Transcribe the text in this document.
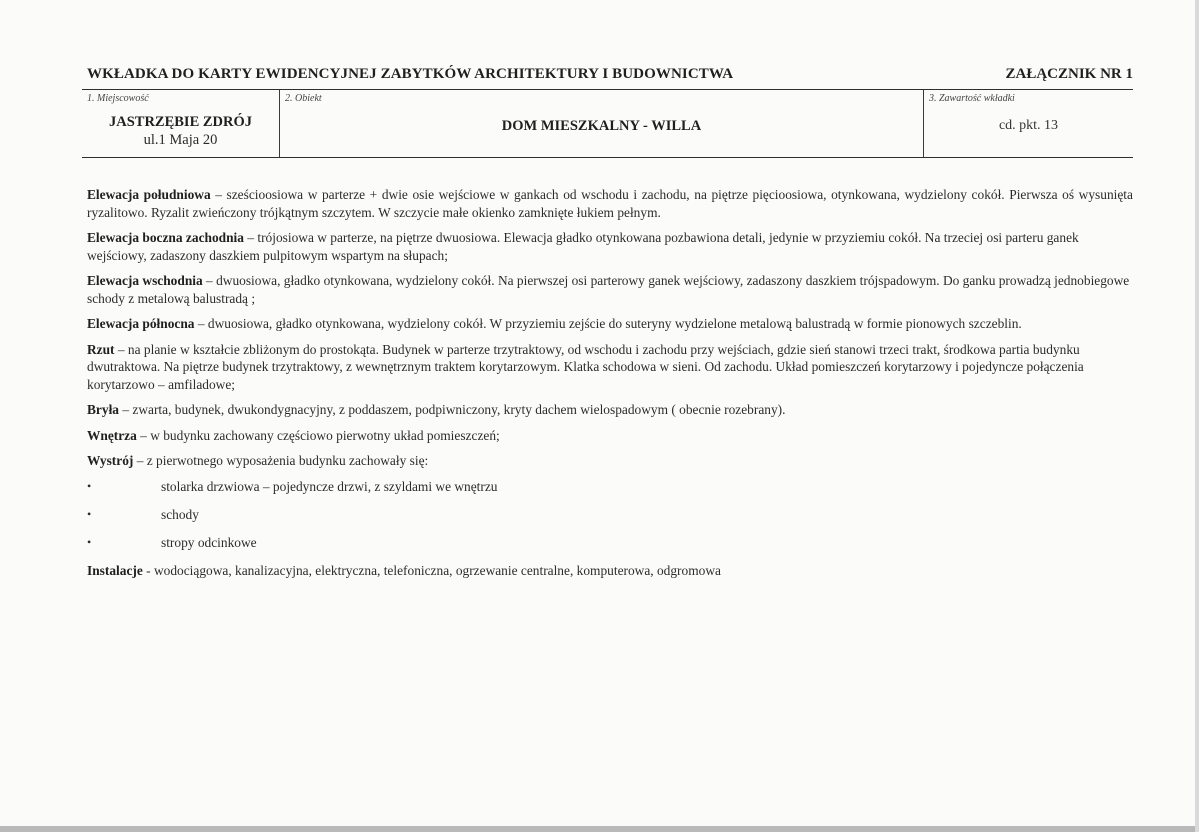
WKŁADKA DO KARTY EWIDENCYJNEJ ZABYTKÓW ARCHITEKTURY I BUDOWNICTWA	ZAŁĄCZNIK NR 1
1. Miejscowość
JASTRZĘBIE ZDRÓJ
ul.1 Maja 20
2. Obiekt
DOM MIESZKALNY - WILLA
3. Zawartość wkładki
cd. pkt. 13

Elewacja południowa – sześcioosiowa w parterze + dwie osie wejściowe w gankach od wschodu i zachodu, na piętrze pięcioosiowa, otynkowana, wydzielony cokół. Pierwsza oś wysunięta ryzalitowo. Ryzalit zwieńczony trójkątnym szczytem. W szczycie małe okienko zamknięte łukiem pełnym.

Elewacja boczna zachodnia – trójosiowa w parterze, na piętrze dwuosiowa. Elewacja gładko otynkowana pozbawiona detali, jedynie w przyziemiu cokół. Na trzeciej osi parteru ganek wejściowy, zadaszony daszkiem pulpitowym wspartym na słupach;

Elewacja wschodnia – dwuosiowa, gładko otynkowana, wydzielony cokół. Na pierwszej osi parterowy ganek wejściowy, zadaszony daszkiem trójspadowym. Do ganku prowadzą jednobiegowe schody z metalową balustradą ;

Elewacja północna – dwuosiowa, gładko otynkowana, wydzielony cokół. W przyziemiu zejście do suteryny wydzielone metalową balustradą w formie pionowych szczeblin.

Rzut – na planie w kształcie zbliżonym do prostokąta. Budynek w parterze trzytraktowy, od wschodu i zachodu przy wejściach, gdzie sień stanowi trzeci trakt, środkowa partia budynku dwutraktowa. Na piętrze budynek trzytraktowy, z wewnętrznym traktem korytarzowym. Klatka schodowa w sieni. Od zachodu. Układ pomieszczeń korytarzowy i pojedyncze połączenia korytarzowo – amfiladowe;

Bryła – zwarta, budynek, dwukondygnacyjny, z poddaszem, podpiwniczony, kryty dachem wielospadowym ( obecnie rozebrany).

Wnętrza – w budynku zachowany częściowo pierwotny układ pomieszczeń;

Wystrój – z pierwotnego wyposażenia budynku zachowały się:

•	stolarka drzwiowa – pojedyncze drzwi, z szyldami we wnętrzu
•	schody
•	stropy odcinkowe

Instalacje - wodociągowa, kanalizacyjna, elektryczna, telefoniczna, ogrzewanie centralne, komputerowa, odgromowa
